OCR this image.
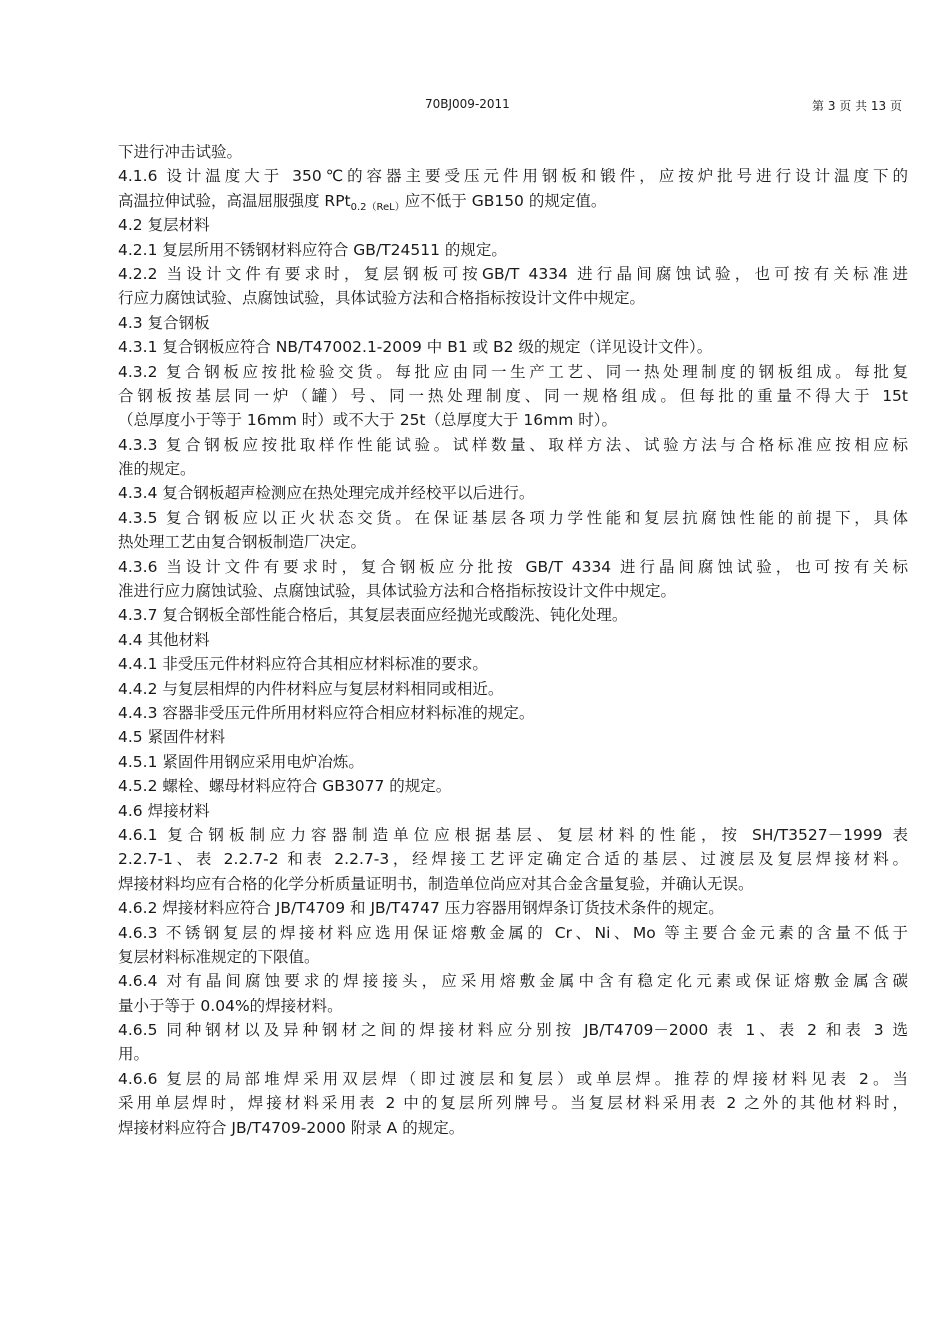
70BJ009-2011	第 3 页 共 13 页
下进行冲击试验。
4.1.6 设计温度大于 350℃的容器主要受压元件用钢板和锻件，应按炉批号进行设计温度下的
高温拉伸试验，高温屈服强度 RPt$_{0.2(ReL)}$应不低于 GB150 的规定值。
4.2 复层材料
4.2.1 复层所用不锈钢材料应符合 GB/T24511 的规定。
4.2.2 当设计文件有要求时，复层钢板可按GB/T 4334 进行晶间腐蚀试验，也可按有关标准进
行应力腐蚀试验、点腐蚀试验，具体试验方法和合格指标按设计文件中规定。
4.3 复合钢板
4.3.1 复合钢板应符合 NB/T47002.1-2009 中 B1 或 B2 级的规定（详见设计文件）。
4.3.2 复合钢板应按批检验交货。每批应由同一生产工艺、同一热处理制度的钢板组成。每批复
合钢板按基层同一炉（罐）号、同一热处理制度、同一规格组成。但每批的重量不得大于 15t
（总厚度小于等于 16mm 时）或不大于 25t（总厚度大于 16mm 时）。
4.3.3 复合钢板应按批取样作性能试验。试样数量、取样方法、试验方法与合格标准应按相应标
准的规定。
4.3.4 复合钢板超声检测应在热处理完成并经校平以后进行。
4.3.5 复合钢板应以正火状态交货。在保证基层各项力学性能和复层抗腐蚀性能的前提下，具体
热处理工艺由复合钢板制造厂决定。
4.3.6 当设计文件有要求时，复合钢板应分批按 GB/T 4334 进行晶间腐蚀试验，也可按有关标
准进行应力腐蚀试验、点腐蚀试验，具体试验方法和合格指标按设计文件中规定。
4.3.7 复合钢板全部性能合格后，其复层表面应经抛光或酸洗、钝化处理。
4.4 其他材料
4.4.1 非受压元件材料应符合其相应材料标准的要求。
4.4.2 与复层相焊的内件材料应与复层材料相同或相近。
4.4.3 容器非受压元件所用材料应符合相应材料标准的规定。
4.5 紧固件材料
4.5.1 紧固件用钢应采用电炉冶炼。
4.5.2 螺栓、螺母材料应符合 GB3077 的规定。
4.6 焊接材料
4.6.1 复合钢板制应力容器制造单位应根据基层、复层材料的性能，按 SH/T3527－1999 表
2.2.7-1、表 2.2.7-2 和表 2.2.7-3，经焊接工艺评定确定合适的基层、过渡层及复层焊接材料。
焊接材料均应有合格的化学分析质量证明书，制造单位尚应对其合金含量复验，并确认无误。
4.6.2 焊接材料应符合 JB/T4709 和 JB/T4747 压力容器用钢焊条订货技术条件的规定。
4.6.3 不锈钢复层的焊接材料应选用保证熔敷金属的 Cr、Ni、Mo 等主要合金元素的含量不低于
复层材料标准规定的下限值。
4.6.4 对有晶间腐蚀要求的焊接接头，应采用熔敷金属中含有稳定化元素或保证熔敷金属含碳
量小于等于 0.04%的焊接材料。
4.6.5 同种钢材以及异种钢材之间的焊接材料应分别按 JB/T4709－2000 表 1、表 2 和表 3 选
用。
4.6.6 复层的局部堆焊采用双层焊（即过渡层和复层）或单层焊。推荐的焊接材料见表 2。当
采用单层焊时，焊接材料采用表 2 中的复层所列牌号。当复层材料采用表 2 之外的其他材料时，
焊接材料应符合 JB/T4709-2000 附录 A 的规定。
